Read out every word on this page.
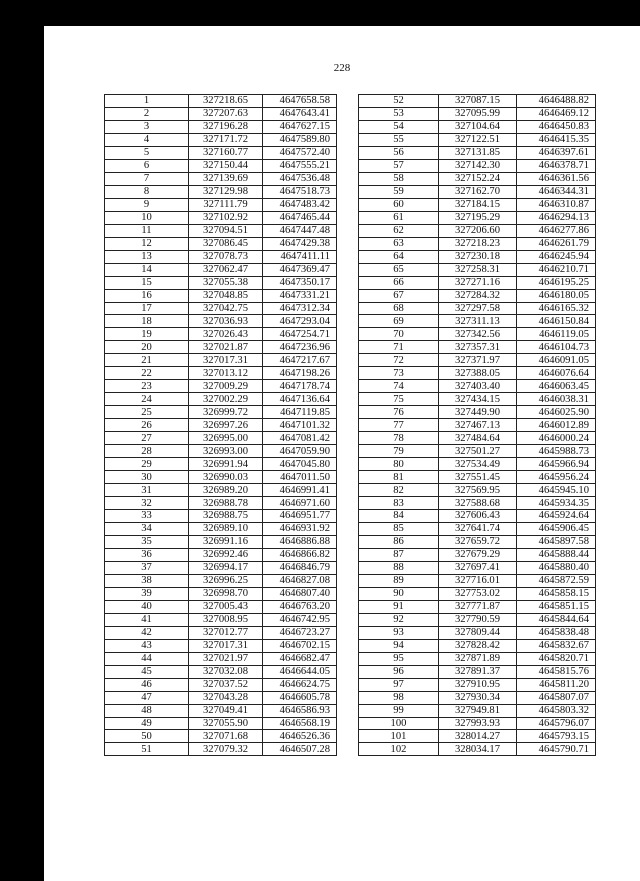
228
1	327218.65	4647658.58
2	327207.63	4647643.41
3	327196.28	4647627.15
4	327171.72	4647589.80
5	327160.77	4647572.40
6	327150.44	4647555.21
7	327139.69	4647536.48
8	327129.98	4647518.73
9	327111.79	4647483.42
10	327102.92	4647465.44
11	327094.51	4647447.48
12	327086.45	4647429.38
13	327078.73	4647411.11
14	327062.47	4647369.47
15	327055.38	4647350.17
16	327048.85	4647331.21
17	327042.75	4647312.34
18	327036.93	4647293.04
19	327026.43	4647254.71
20	327021.87	4647236.96
21	327017.31	4647217.67
22	327013.12	4647198.26
23	327009.29	4647178.74
24	327002.29	4647136.64
25	326999.72	4647119.85
26	326997.26	4647101.32
27	326995.00	4647081.42
28	326993.00	4647059.90
29	326991.94	4647045.80
30	326990.03	4647011.50
31	326989.20	4646991.41
32	326988.78	4646971.60
33	326988.75	4646951.77
34	326989.10	4646931.92
35	326991.16	4646886.88
36	326992.46	4646866.82
37	326994.17	4646846.79
38	326996.25	4646827.08
39	326998.70	4646807.40
40	327005.43	4646763.20
41	327008.95	4646742.95
42	327012.77	4646723.27
43	327017.31	4646702.15
44	327021.97	4646682.47
45	327032.08	4646644.05
46	327037.52	4646624.75
47	327043.28	4646605.78
48	327049.41	4646586.93
49	327055.90	4646568.19
50	327071.68	4646526.36
51	327079.32	4646507.28
52	327087.15	4646488.82
53	327095.99	4646469.12
54	327104.64	4646450.83
55	327122.51	4646415.35
56	327131.85	4646397.61
57	327142.30	4646378.71
58	327152.24	4646361.56
59	327162.70	4646344.31
60	327184.15	4646310.87
61	327195.29	4646294.13
62	327206.60	4646277.86
63	327218.23	4646261.79
64	327230.18	4646245.94
65	327258.31	4646210.71
66	327271.16	4646195.25
67	327284.32	4646180.05
68	327297.58	4646165.32
69	327311.13	4646150.84
70	327342.56	4646119.05
71	327357.31	4646104.73
72	327371.97	4646091.05
73	327388.05	4646076.64
74	327403.40	4646063.45
75	327434.15	4646038.31
76	327449.90	4646025.90
77	327467.13	4646012.89
78	327484.64	4646000.24
79	327501.27	4645988.73
80	327534.49	4645966.94
81	327551.45	4645956.24
82	327569.95	4645945.10
83	327588.68	4645934.35
84	327606.43	4645924.64
85	327641.74	4645906.45
86	327659.72	4645897.58
87	327679.29	4645888.44
88	327697.41	4645880.40
89	327716.01	4645872.59
90	327753.02	4645858.15
91	327771.87	4645851.15
92	327790.59	4645844.64
93	327809.44	4645838.48
94	327828.42	4645832.67
95	327871.89	4645820.71
96	327891.37	4645815.76
97	327910.95	4645811.20
98	327930.34	4645807.07
99	327949.81	4645803.32
100	327993.93	4645796.07
101	328014.27	4645793.15
102	328034.17	4645790.71
